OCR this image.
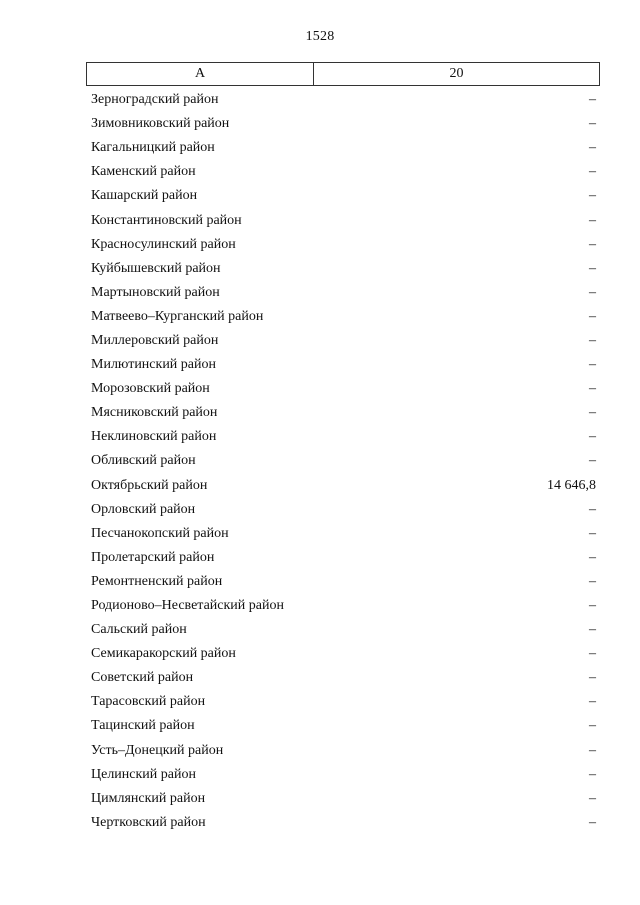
1528
А	20
Зерноградский район	–
Зимовниковский район	–
Кагальницкий район	–
Каменский район	–
Кашарский район	–
Константиновский район	–
Красносулинский район	–
Куйбышевский район	–
Мартыновский район	–
Матвеево–Курганский район	–
Миллеровский район	–
Милютинский район	–
Морозовский район	–
Мясниковский район	–
Неклиновский район	–
Обливский район	–
Октябрьский район	14 646,8
Орловский район	–
Песчанокопский район	–
Пролетарский район	–
Ремонтненский район	–
Родионово–Несветайский район	–
Сальский район	–
Семикаракорский район	–
Советский район	–
Тарасовский район	–
Тацинский район	–
Усть–Донецкий район	–
Целинский район	–
Цимлянский район	–
Чертковский район	–
